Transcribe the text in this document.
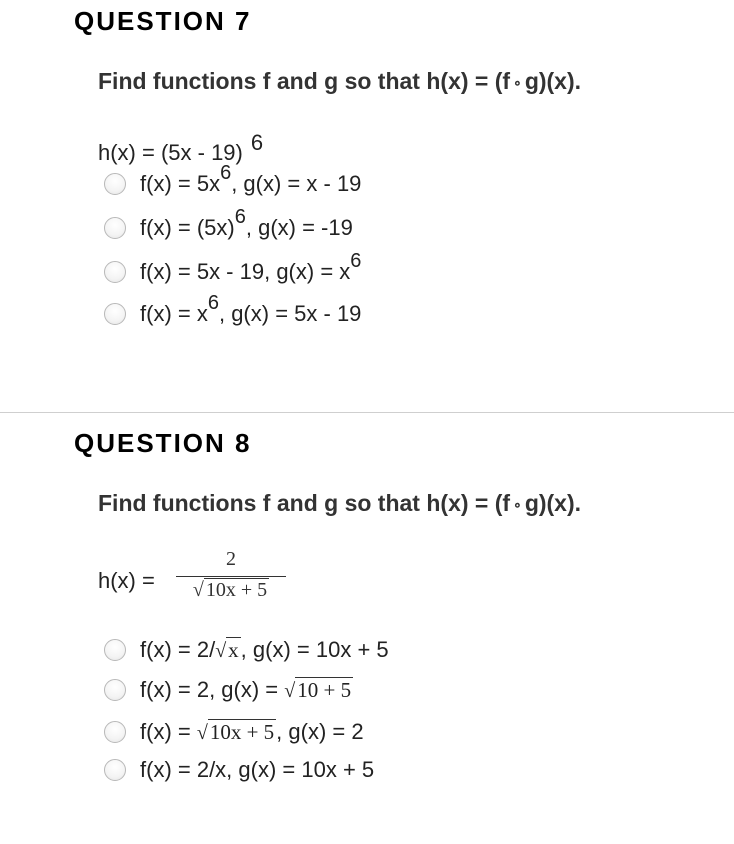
QUESTION 7
Find functions f and g so that h(x) = (f ∘ g)(x).
h(x) = (5x - 19) 6
f(x) = 5x6, g(x) = x - 19
f(x) = (5x)6, g(x) = -19
f(x) = 5x - 19, g(x) = x6
f(x) = x6, g(x) = 5x - 19
QUESTION 8
Find functions f and g so that h(x) = (f ∘ g)(x).
h(x) =
2
√ 10x + 5
f(x) = 2/√x, g(x) = 10x + 5
f(x) = 2, g(x) = √10 + 5
f(x) = √10x + 5, g(x) = 2
f(x) = 2/x, g(x) = 10x + 5
